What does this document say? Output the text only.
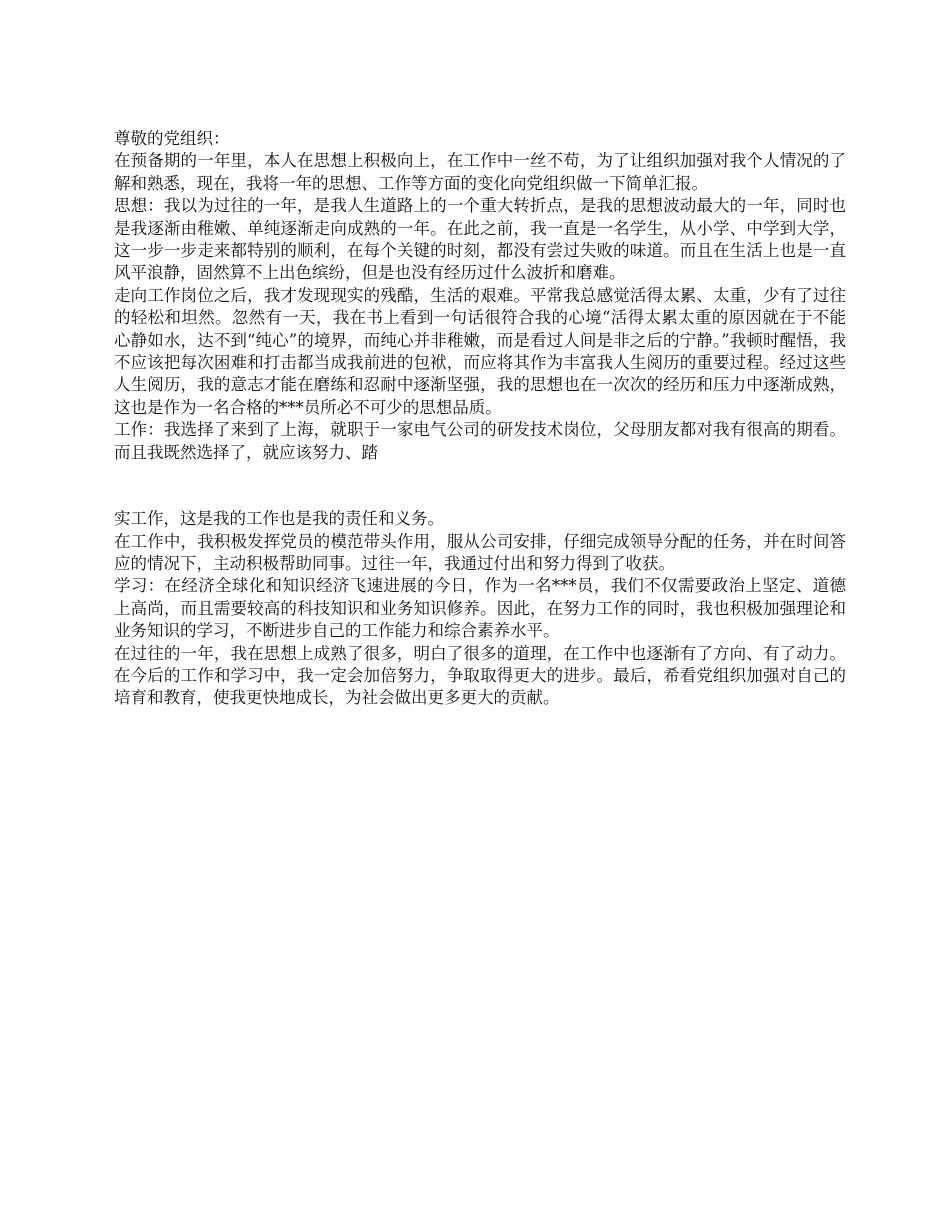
尊敬的党组织：

在预备期的一年里，本人在思想上积极向上，在工作中一丝不苟，为了让组织加强对我个人情况的了解和熟悉，现在，我将一年的思想、工作等方面的变化向党组织做一下简单汇报。

思想：我以为过往的一年，是我人生道路上的一个重大转折点，是我的思想波动最大的一年，同时也是我逐渐由稚嫩、单纯逐渐走向成熟的一年。在此之前，我一直是一名学生，从小学、中学到大学，这一步一步走来都特别的顺利，在每个关键的时刻，都没有尝过失败的味道。而且在生活上也是一直风平浪静，固然算不上出色缤纷，但是也没有经历过什么波折和磨难。

走向工作岗位之后，我才发现现实的残酷，生活的艰难。平常我总感觉活得太累、太重，少有了过往的轻松和坦然。忽然有一天，我在书上看到一句话很符合我的心境“活得太累太重的原因就在于不能心静如水，达不到“纯心”的境界，而纯心并非稚嫩，而是看过人间是非之后的宁静。”我顿时醒悟，我不应该把每次困难和打击都当成我前进的包袱，而应将其作为丰富我人生阅历的重要过程。经过这些人生阅历，我的意志才能在磨练和忍耐中逐渐坚强，我的思想也在一次次的经历和压力中逐渐成熟，这也是作为一名合格的***员所必不可少的思想品质。

工作：我选择了来到了上海，就职于一家电气公司的研发技术岗位，父母朋友都对我有很高的期看。而且我既然选择了，就应该努力、踏

实工作，这是我的工作也是我的责任和义务。

在工作中，我积极发挥党员的模范带头作用，服从公司安排，仔细完成领导分配的任务，并在时间答应的情况下，主动积极帮助同事。过往一年，我通过付出和努力得到了收获。

学习：在经济全球化和知识经济飞速进展的今日，作为一名***员，我们不仅需要政治上坚定、道德上高尚，而且需要较高的科技知识和业务知识修养。因此，在努力工作的同时，我也积极加强理论和业务知识的学习，不断进步自己的工作能力和综合素养水平。

在过往的一年，我在思想上成熟了很多，明白了很多的道理，在工作中也逐渐有了方向、有了动力。在今后的工作和学习中，我一定会加倍努力，争取取得更大的进步。最后，希看党组织加强对自己的培育和教育，使我更快地成长，为社会做出更多更大的贡献。
